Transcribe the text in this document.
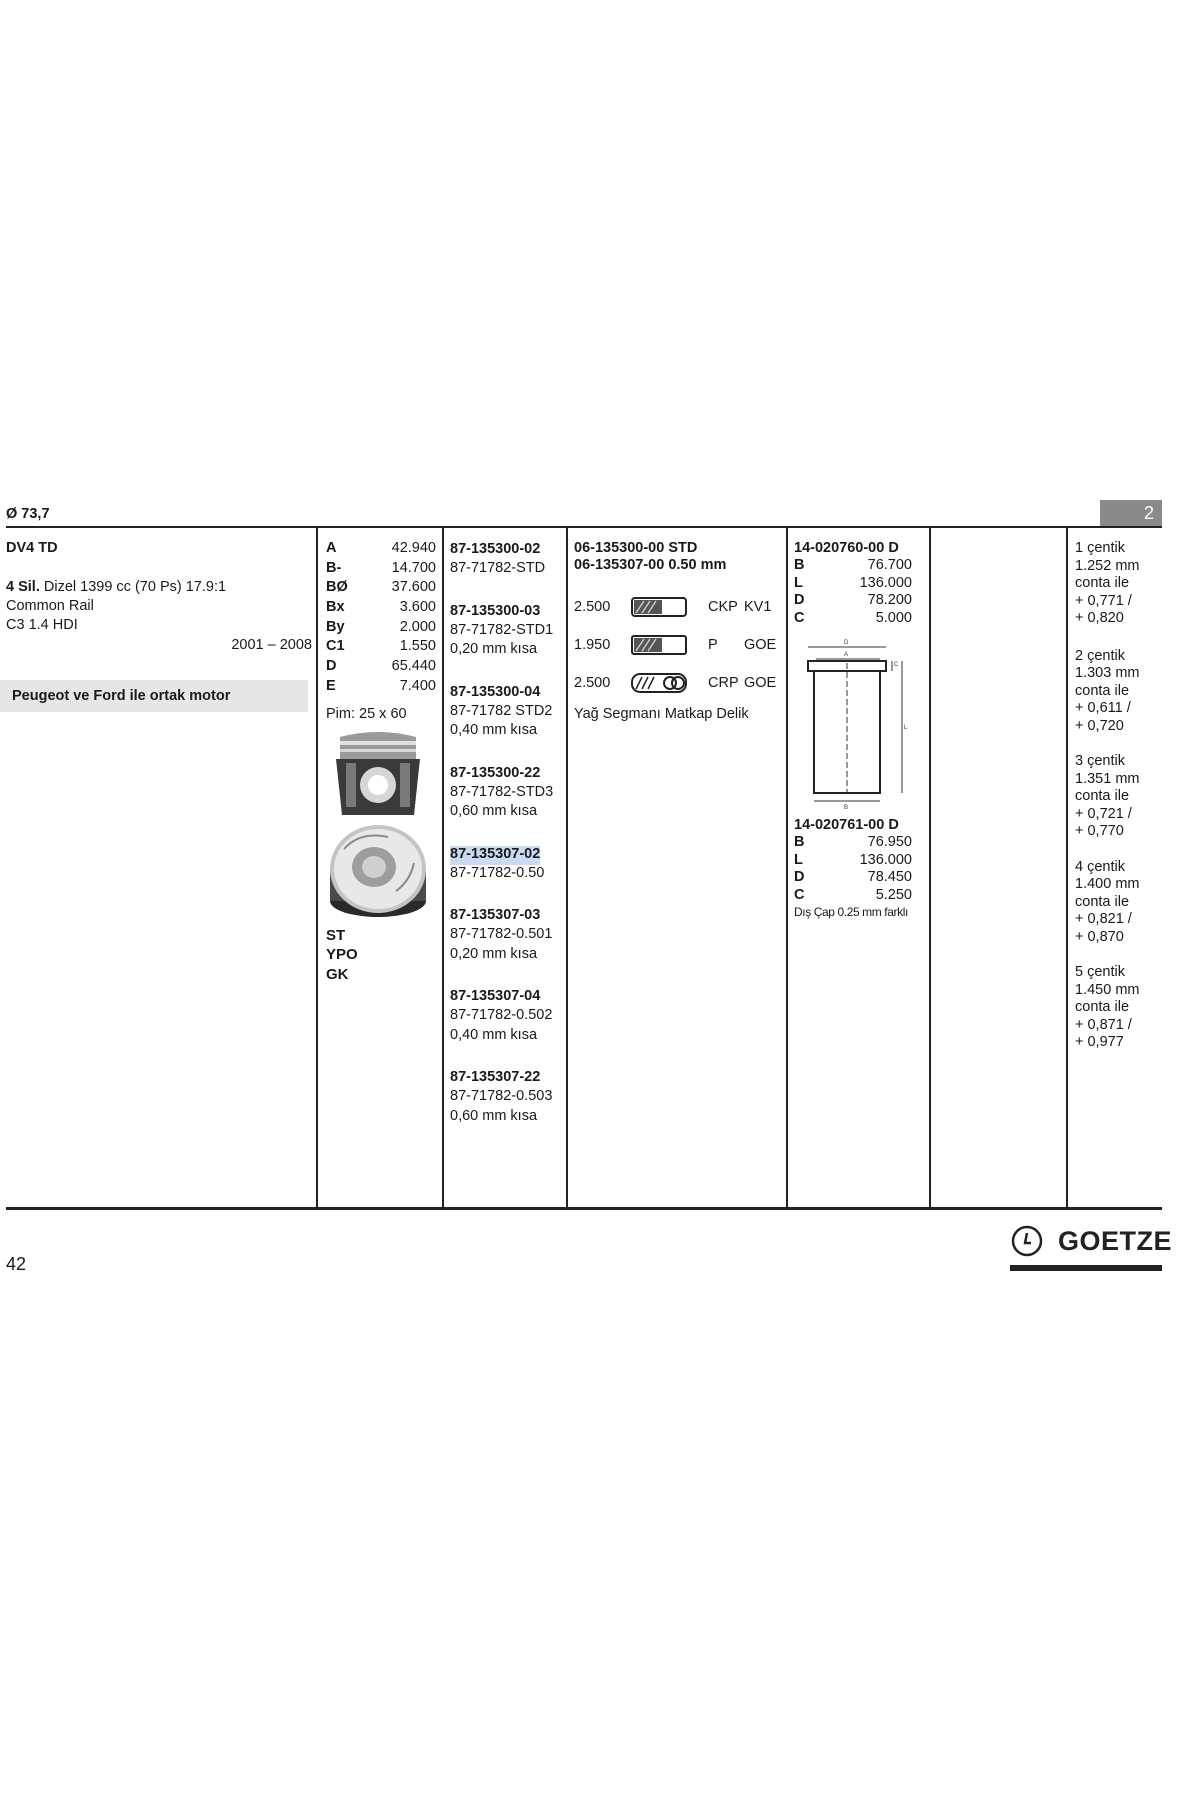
Ø 73,7	2
DV4 TD
4 Sil. Dizel 1399 cc (70 Ps) 17.9:1
Common Rail
C3 1.4 HDI
2001 – 2008
Peugeot ve Ford ile ortak motor
A	42.940
B-	14.700
BØ	37.600
Bx	3.600
By	2.000
C1	1.550
D	65.440
E	7.400
Pim: 25 x 60
ST
YPO
GK
87-135300-02
87-71782-STD
87-135300-03
87-71782-STD1
0,20 mm kısa
87-135300-04
87-71782 STD2
0,40 mm kısa
87-135300-22
87-71782-STD3
0,60 mm kısa
87-135307-02
87-71782-0.50
87-135307-03
87-71782-0.501
0,20 mm kısa
87-135307-04
87-71782-0.502
0,40 mm kısa
87-135307-22
87-71782-0.503
0,60 mm kısa
06-135300-00 STD
06-135307-00 0.50 mm
2.500	CKP KV1
1.950	P	GOE
2.500	CRP GOE
Yağ Segmanı Matkap Delik
14-020760-00 D
B	76.700
L	136.000
D	78.200
C	5.000
D
A
C
L
B
14-020761-00 D
B	76.950
L	136.000
D	78.450
C	5.250
Dış Çap 0.25 mm farklı
1 çentik
1.252 mm
conta ile
+ 0,771 /
+ 0,820
2 çentik
1.303 mm
conta ile
+ 0,611 /
+ 0,720
3 çentik
1.351 mm
conta ile
+ 0,721 /
+ 0,770
4 çentik
1.400 mm
conta ile
+ 0,821 /
+ 0,870
5 çentik
1.450 mm
conta ile
+ 0,871 /
+ 0,977
GOETZE
42
